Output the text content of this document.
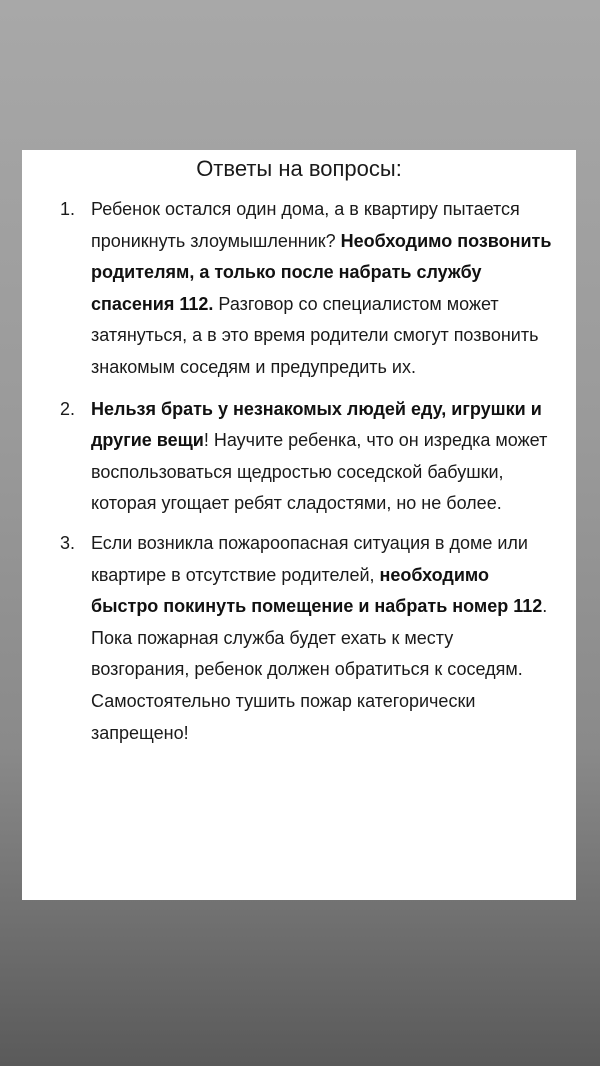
Ответы на вопросы:
1. Ребенок остался один дома, а в квартиру пытается проникнуть злоумышленник? Необходимо позвонить родителям, а только после набрать службу спасения 112. Разговор со специалистом может затянуться, а в это время родители смогут позвонить знакомым соседям и предупредить их.
2. Нельзя брать у незнакомых людей еду, игрушки и другие вещи! Научите ребенка, что он изредка может воспользоваться щедростью соседской бабушки, которая угощает ребят сладостями, но не более.
3. Если возникла пожароопасная ситуация в доме или квартире в отсутствие родителей, необходимо быстро покинуть помещение и набрать номер 112. Пока пожарная служба будет ехать к месту возгорания, ребенок должен обратиться к соседям. Самостоятельно тушить пожар категорически запрещено!
